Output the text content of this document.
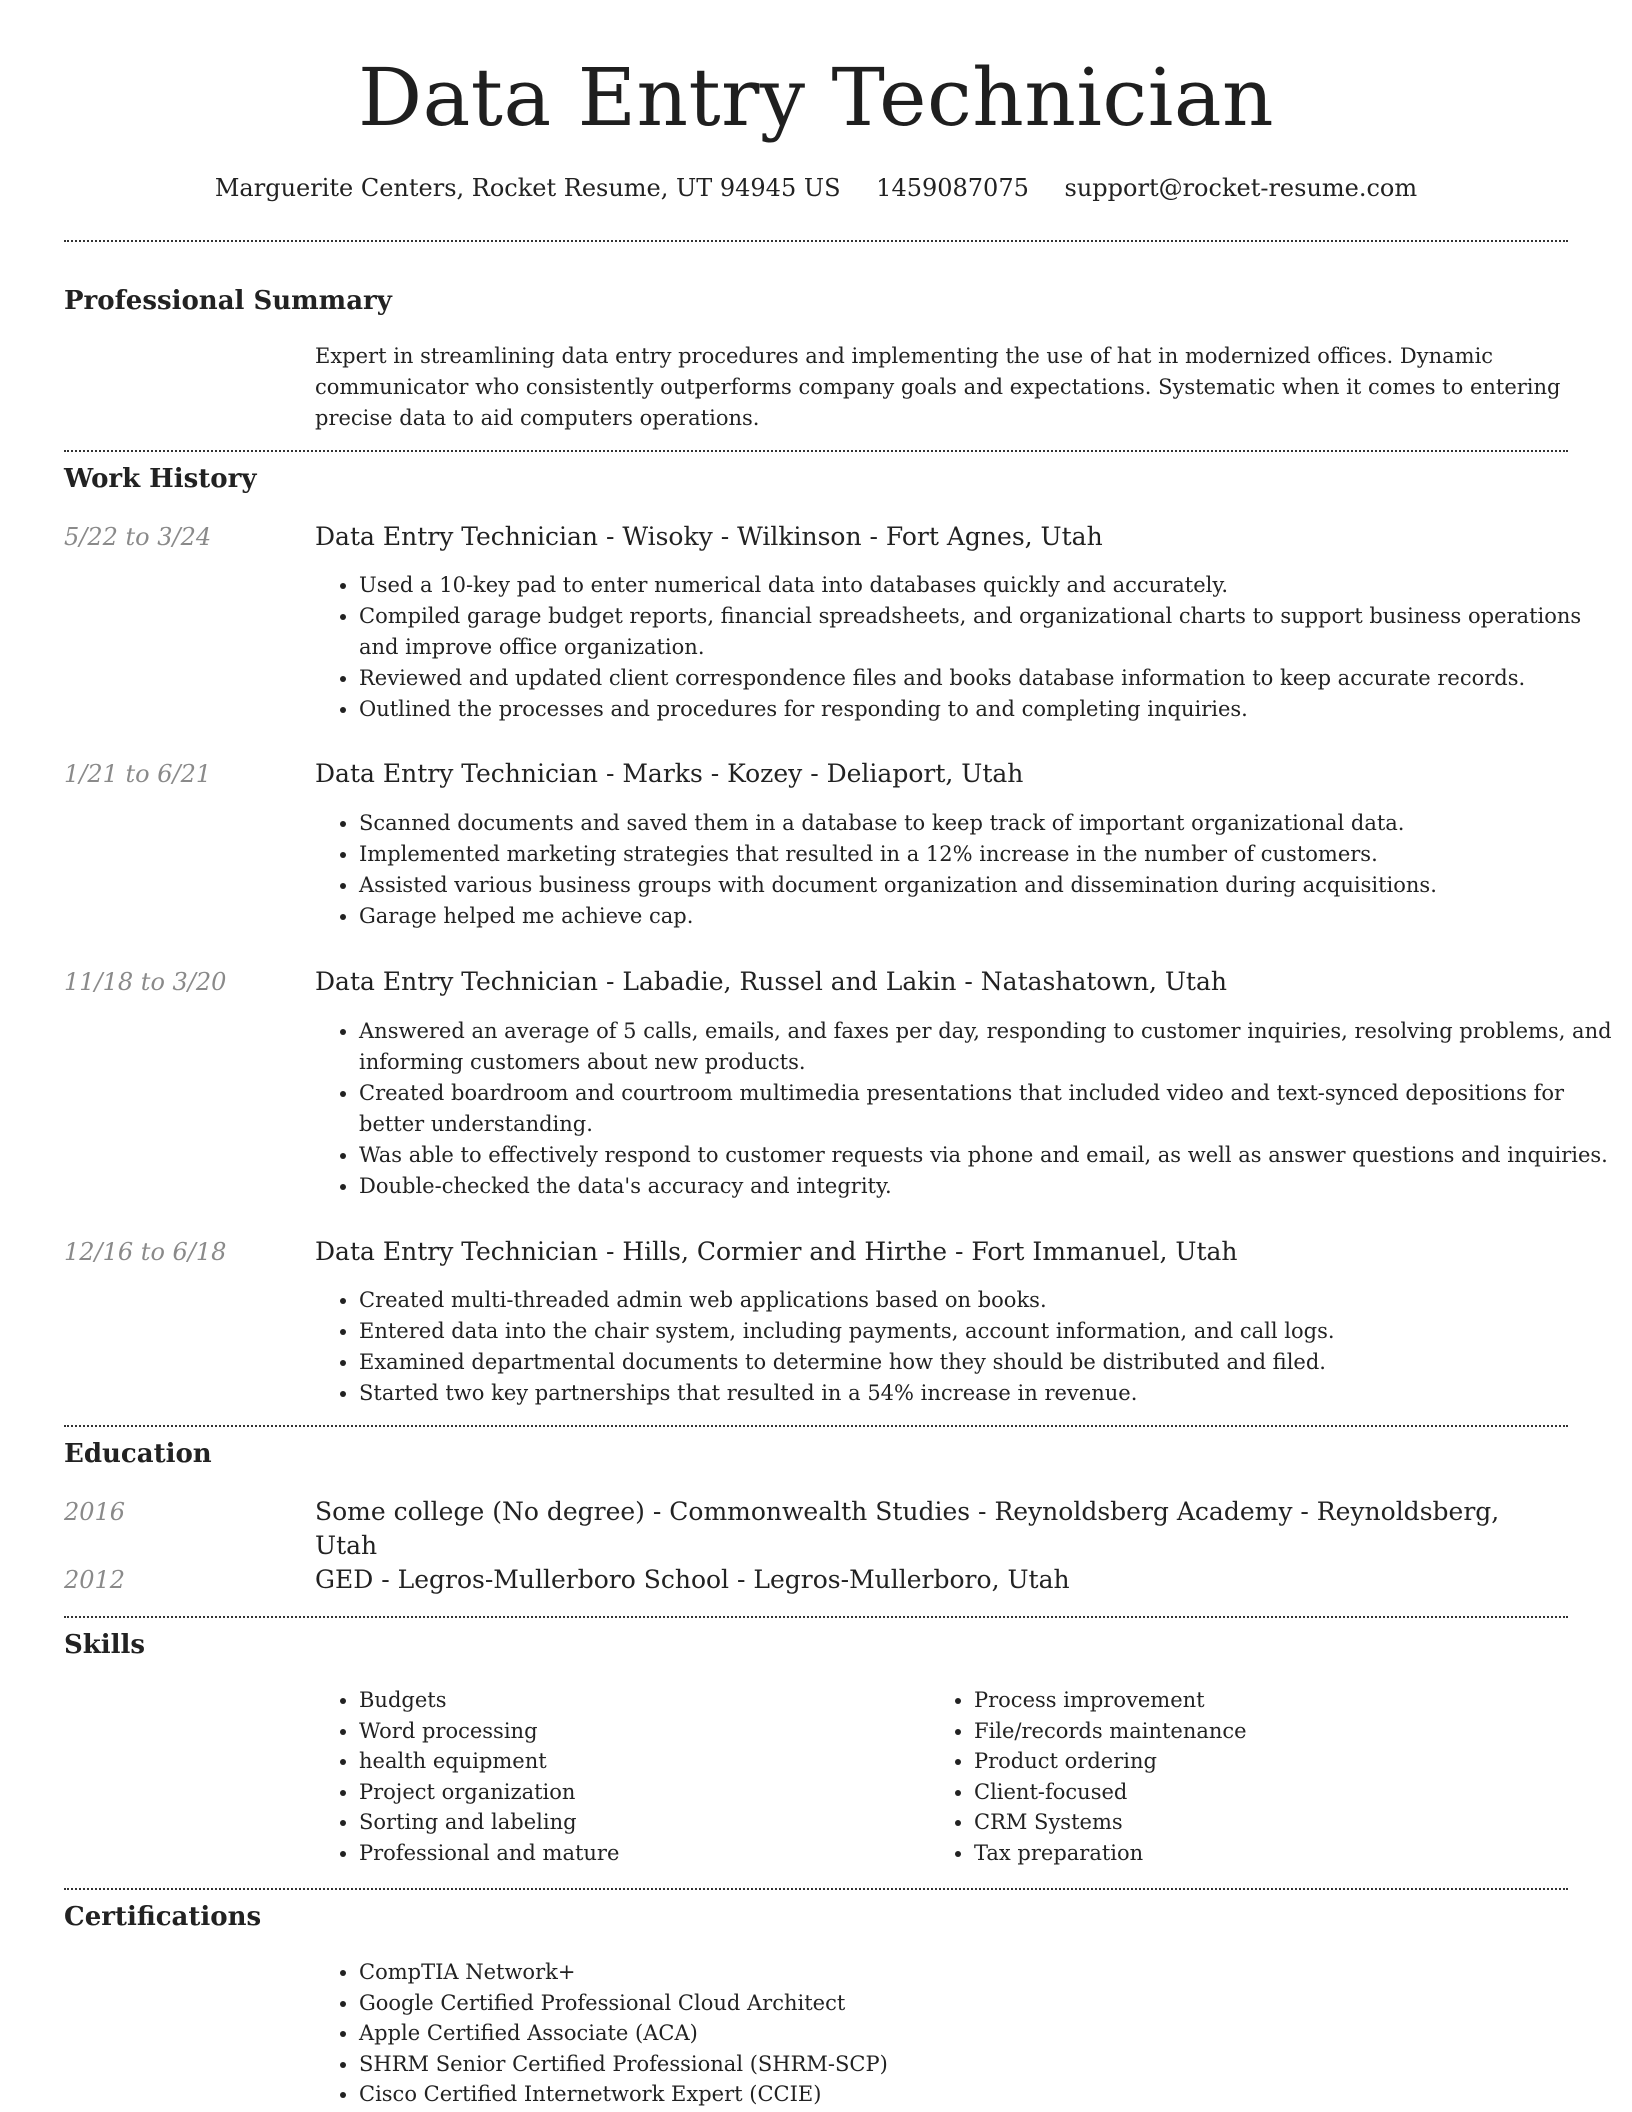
Data Entry Technician
Marguerite Centers, Rocket Resume, UT 94945 US 1459087075 support@rocket-resume.com
Professional Summary
Expert in streamlining data entry procedures and implementing the use of hat in modernized offices. Dynamic communicator who consistently outperforms company goals and expectations. Systematic when it comes to entering precise data to aid computers operations.
Work History
5/22 to 3/24	Data Entry Technician - Wisoky - Wilkinson - Fort Agnes, Utah
• Used a 10-key pad to enter numerical data into databases quickly and accurately.
• Compiled garage budget reports, financial spreadsheets, and organizational charts to support business operations and improve office organization.
• Reviewed and updated client correspondence files and books database information to keep accurate records.
• Outlined the processes and procedures for responding to and completing inquiries.
1/21 to 6/21	Data Entry Technician - Marks - Kozey - Deliaport, Utah
• Scanned documents and saved them in a database to keep track of important organizational data.
• Implemented marketing strategies that resulted in a 12% increase in the number of customers.
• Assisted various business groups with document organization and dissemination during acquisitions.
• Garage helped me achieve cap.
11/18 to 3/20	Data Entry Technician - Labadie, Russel and Lakin - Natashatown, Utah
• Answered an average of 5 calls, emails, and faxes per day, responding to customer inquiries, resolving problems, and informing customers about new products.
• Created boardroom and courtroom multimedia presentations that included video and text-synced depositions for better understanding.
• Was able to effectively respond to customer requests via phone and email, as well as answer questions and inquiries.
• Double-checked the data's accuracy and integrity.
12/16 to 6/18	Data Entry Technician - Hills, Cormier and Hirthe - Fort Immanuel, Utah
• Created multi-threaded admin web applications based on books.
• Entered data into the chair system, including payments, account information, and call logs.
• Examined departmental documents to determine how they should be distributed and filed.
• Started two key partnerships that resulted in a 54% increase in revenue.
Education
2016	Some college (No degree) - Commonwealth Studies - Reynoldsberg Academy - Reynoldsberg, Utah
2012	GED - Legros-Mullerboro School - Legros-Mullerboro, Utah
Skills
• Budgets
• Word processing
• health equipment
• Project organization
• Sorting and labeling
• Professional and mature
• Process improvement
• File/records maintenance
• Product ordering
• Client-focused
• CRM Systems
• Tax preparation
Certifications
• CompTIA Network+
• Google Certified Professional Cloud Architect
• Apple Certified Associate (ACA)
• SHRM Senior Certified Professional (SHRM-SCP)
• Cisco Certified Internetwork Expert (CCIE)
